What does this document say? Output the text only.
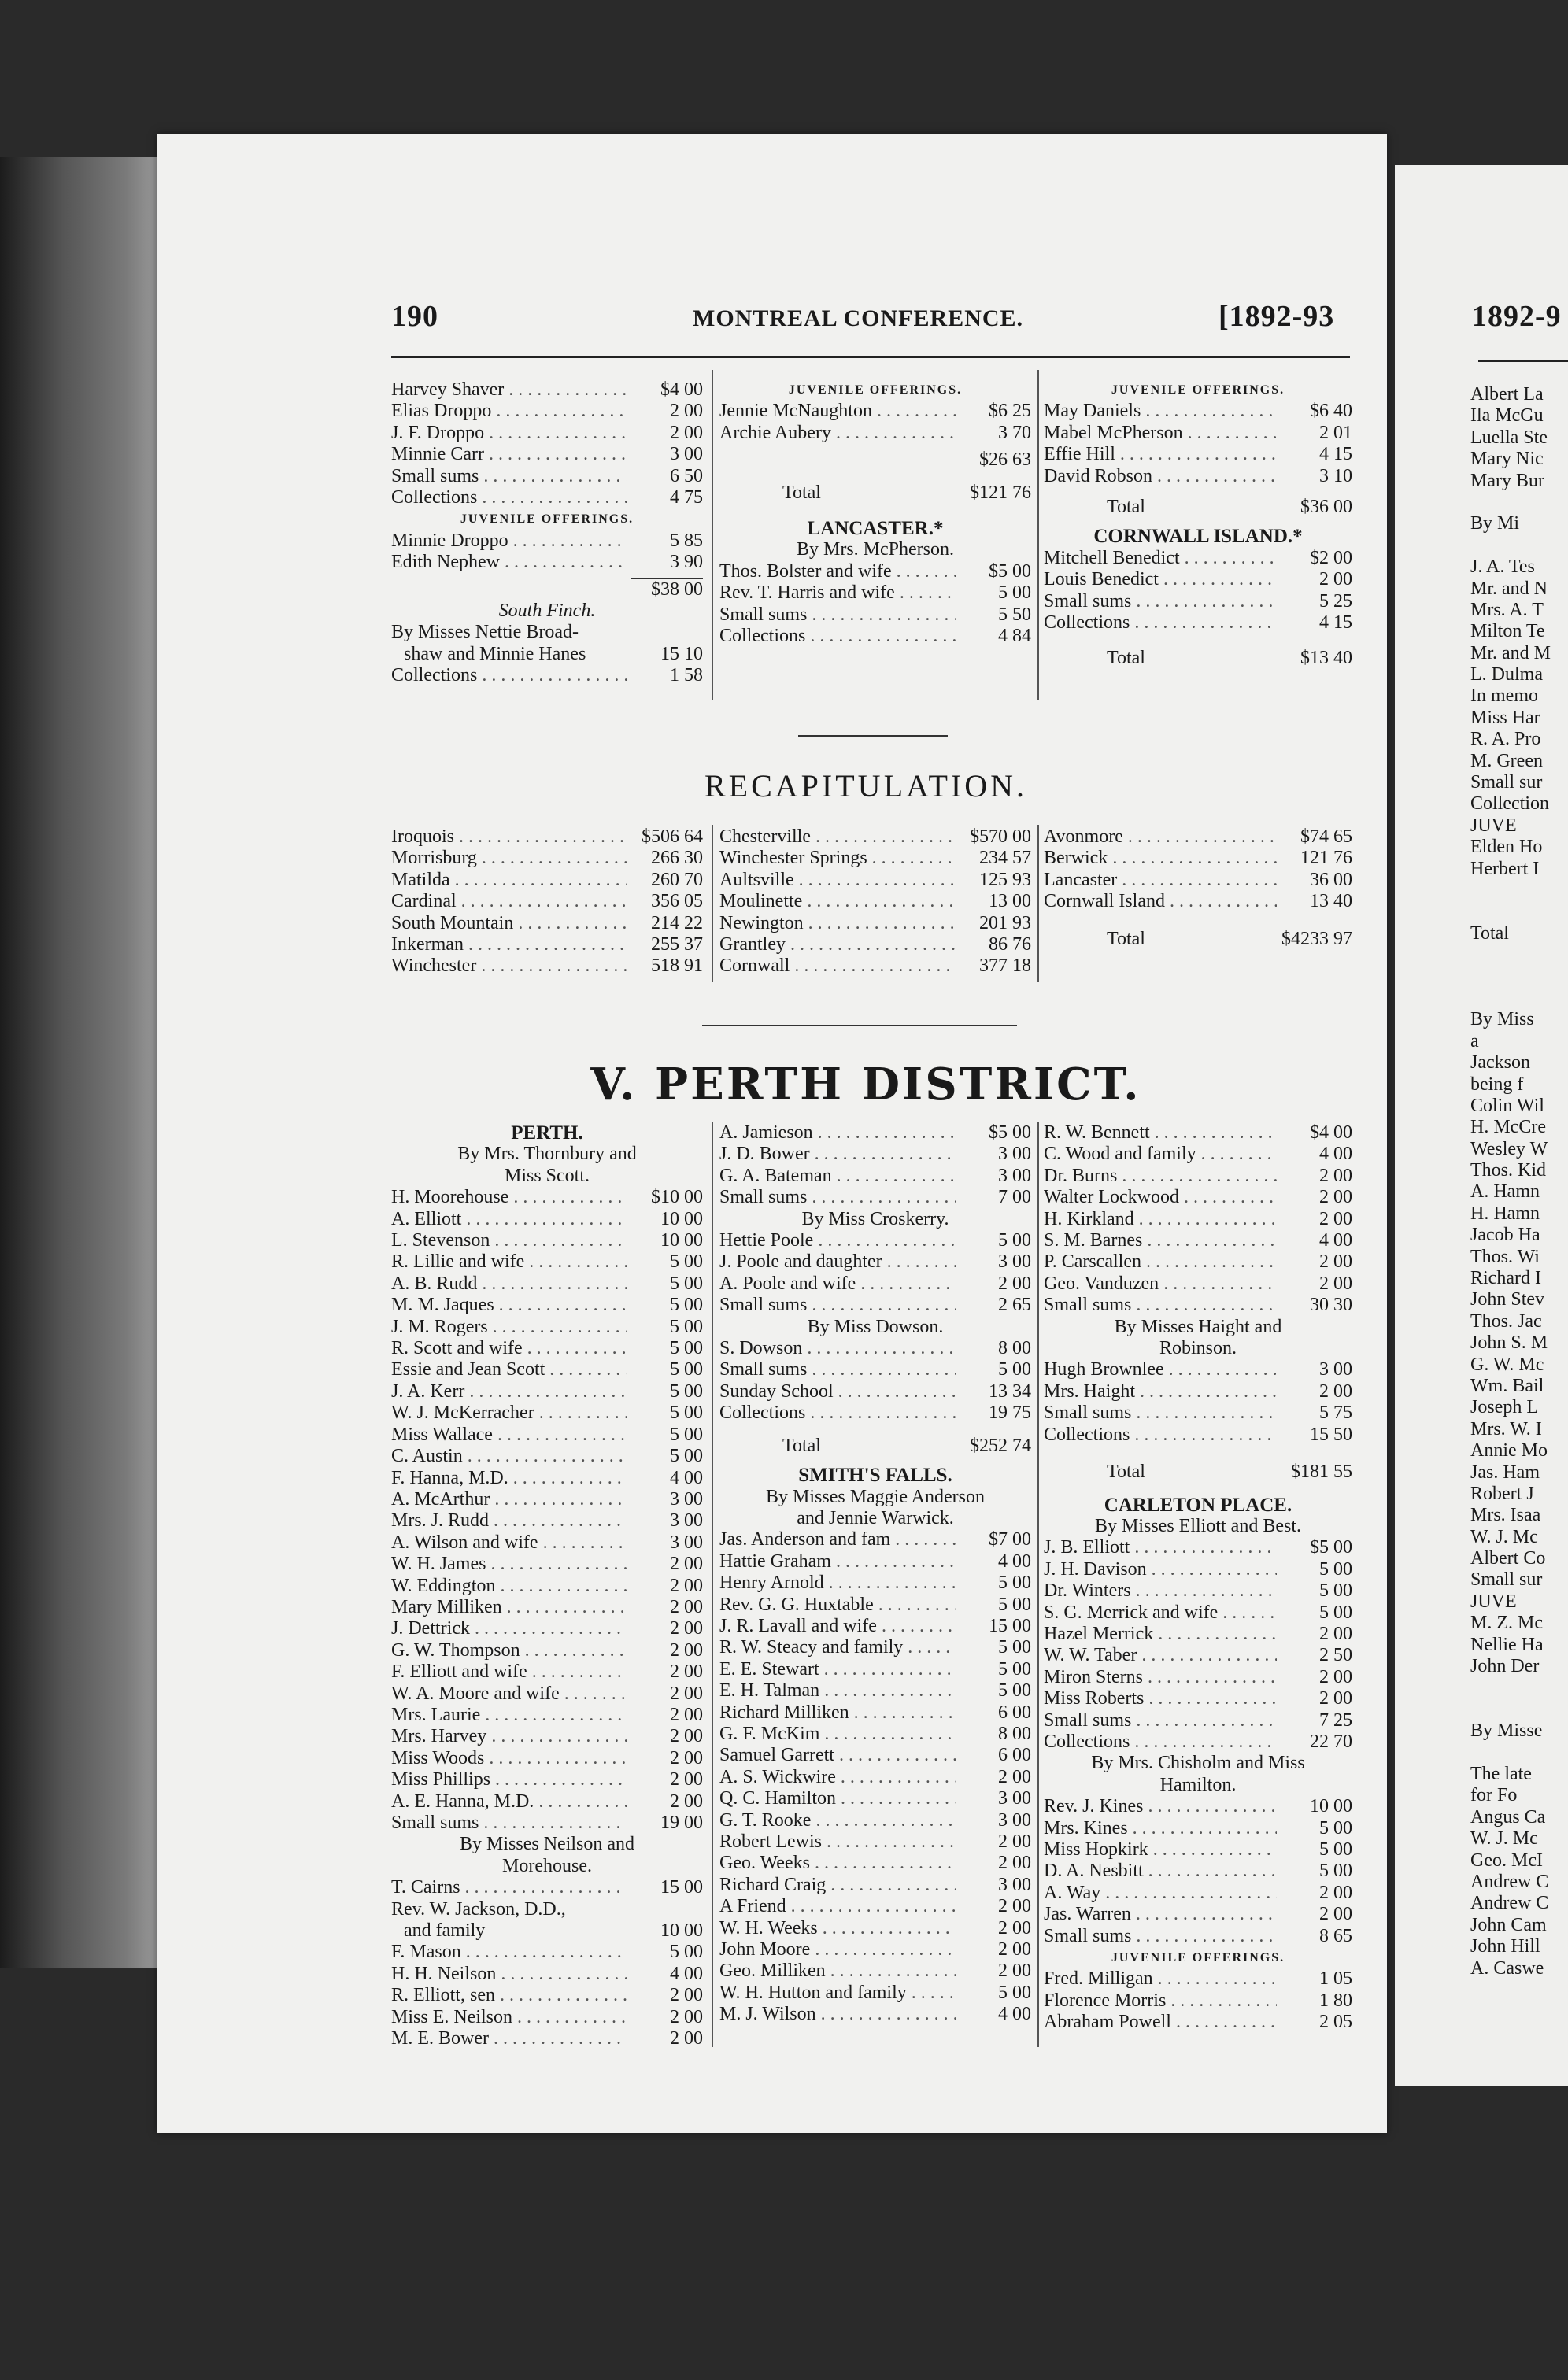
190	MONTREAL CONFERENCE.	[1892-93	1892-9
Harvey Shaver . . .	$4 00
Elias Droppo . . .	2 00
J. F. Droppo . . .	2 00
Minnie Carr . . .	3 00
Small sums . . .	6 50
Collections . . .	4 75
JUVENILE OFFERINGS.
Minnie Droppo . . .	5 85
Edith Nephew . . .	3 90
$38 00
South Finch.
By Misses Nettie Broad-
shaw and Minnie Hanes	15 10
Collections . . .	1 58
JUVENILE OFFERINGS.
Jennie McNaughton . . .	$6 25
Archie Aubery . . .	3 70
$26 63
Total	$121 76
LANCASTER.*
By Mrs. McPherson.
Thos. Bolster and wife . . .	$5 00
Rev. T. Harris and wife . . .	5 00
Small sums . . .	5 50
Collections . . .	4 84
JUVENILE OFFERINGS.
May Daniels . . .	$6 40
Mabel McPherson . . .	2 01
Effie Hill . . .	4 15
David Robson . . .	3 10
Total	$36 00
CORNWALL ISLAND.*
Mitchell Benedict . . .	$2 00
Louis Benedict . . .	2 00
Small sums . . .	5 25
Collections . . .	4 15
Total	$13 40
RECAPITULATION.
Iroquois . . .	$506 64
Morrisburg . . .	266 30
Matilda . . .	260 70
Cardinal . . .	356 05
South Mountain . . .	214 22
Inkerman . . .	255 37
Winchester . . .	518 91
Chesterville . . .	$570 00
Winchester Springs . . .	234 57
Aultsville . . .	125 93
Moulinette . . .	13 00
Newington . . .	201 93
Grantley . . .	86 76
Cornwall . . .	377 18
Avonmore . . .	$74 65
Berwick . . .	121 76
Lancaster . . .	36 00
Cornwall Island . . .	13 40
Total	$4233 97
V. PERTH DISTRICT.
PERTH.
By Mrs. Thornbury and
Miss Scott.
H. Moorehouse . . .	$10 00
A. Elliott . . .	10 00
L. Stevenson . . .	10 00
R. Lillie and wife . . .	5 00
A. B. Rudd . . .	5 00
M. M. Jaques . . .	5 00
J. M. Rogers . . .	5 00
R. Scott and wife . . .	5 00
Essie and Jean Scott . . .	5 00
J. A. Kerr . . .	5 00
W. J. McKerracher . . .	5 00
Miss Wallace . . .	5 00
C. Austin . . .	5 00
F. Hanna, M.D. . . .	4 00
A. McArthur . . .	3 00
Mrs. J. Rudd . . .	3 00
A. Wilson and wife . . .	3 00
W. H. James . . .	2 00
W. Eddington . . .	2 00
Mary Milliken . . .	2 00
J. Dettrick . . .	2 00
G. W. Thompson . . .	2 00
F. Elliott and wife . . .	2 00
W. A. Moore and wife . . .	2 00
Mrs. Laurie . . .	2 00
Mrs. Harvey . . .	2 00
Miss Woods . . .	2 00
Miss Phillips . . .	2 00
A. E. Hanna, M.D. . . .	2 00
Small sums . . .	19 00
By Misses Neilson and
Morehouse.
T. Cairns . . .	15 00
Rev. W. Jackson, D.D.,
and family	10 00
F. Mason . . .	5 00
H. H. Neilson . . .	4 00
R. Elliott, sen . . .	2 00
Miss E. Neilson . . .	2 00
M. E. Bower . . .	2 00
A. Jamieson . . .	$5 00
J. D. Bower . . .	3 00
G. A. Bateman . . .	3 00
Small sums . . .	7 00
By Miss Croskerry.
Hettie Poole . . .	5 00
J. Poole and daughter . . .	3 00
A. Poole and wife . . .	2 00
Small sums . . .	2 65
By Miss Dowson.
S. Dowson . . .	8 00
Small sums . . .	5 00
Sunday School . . .	13 34
Collections . . .	19 75
Total	$252 74
SMITH'S FALLS.
By Misses Maggie Anderson
and Jennie Warwick.
Jas. Anderson and fam . . .	$7 00
Hattie Graham . . .	4 00
Henry Arnold . . .	5 00
Rev. G. G. Huxtable . . .	5 00
J. R. Lavall and wife . . .	15 00
R. W. Steacy and family . . .	5 00
E. E. Stewart . . .	5 00
E. H. Talman . . .	5 00
Richard Milliken . . .	6 00
G. F. McKim . . .	8 00
Samuel Garrett . . .	6 00
A. S. Wickwire . . .	2 00
Q. C. Hamilton . . .	3 00
G. T. Rooke . . .	3 00
Robert Lewis . . .	2 00
Geo. Weeks . . .	2 00
Richard Craig . . .	3 00
A Friend . . .	2 00
W. H. Weeks . . .	2 00
John Moore . . .	2 00
Geo. Milliken . . .	2 00
W. H. Hutton and family . . .	5 00
M. J. Wilson . . .	4 00
R. W. Bennett . . .	$4 00
C. Wood and family . . .	4 00
Dr. Burns . . .	2 00
Walter Lockwood . . .	2 00
H. Kirkland . . .	2 00
S. M. Barnes . . .	4 00
P. Carscallen . . .	2 00
Geo. Vanduzen . . .	2 00
Small sums . . .	30 30
By Misses Haight and
Robinson.
Hugh Brownlee . . .	3 00
Mrs. Haight . . .	2 00
Small sums . . .	5 75
Collections . . .	15 50
Total	$181 55
CARLETON PLACE.
By Misses Elliott and Best.
J. B. Elliott . . .	$5 00
J. H. Davison . . .	5 00
Dr. Winters . . .	5 00
S. G. Merrick and wife . . .	5 00
Hazel Merrick . . .	2 00
W. W. Taber . . .	2 50
Miron Sterns . . .	2 00
Miss Roberts . . .	2 00
Small sums . . .	7 25
Collections . . .	22 70
By Mrs. Chisholm and Miss
Hamilton.
Rev. J. Kines . . .	10 00
Mrs. Kines . . .	5 00
Miss Hopkirk . . .	5 00
D. A. Nesbitt . . .	5 00
A. Way . . .	2 00
Jas. Warren . . .	2 00
Small sums . . .	8 65
JUVENILE OFFERINGS.
Fred. Milligan . . .	1 05
Florence Morris . . .	1 80
Abraham Powell . . .	2 05
Albert La
Ila McGu
Luella Ste
Mary Nic
Mary Bur
By Mi
J. A. Tes
Mr. and N
Mrs. A. T
Milton Te
Mr. and M
L. Dulma
In memo
Miss Har
R. A. Pro
M. Green
Small sur
Collection
JUVE
Elden Ho
Herbert I
Total
By Miss
a
Jackson
being f
Colin Wil
H. McCre
Wesley W
Thos. Kid
A. Hamn
H. Hamn
Jacob Ha
Thos. Wi
Richard I
John Stev
Thos. Jac
John S. M
G. W. Mc
Wm. Bail
Joseph L
Mrs. W. I
Annie Mo
Jas. Ham
Robert J
Mrs. Isaa
W. J. Mc
Albert Co
Small sur
JUVE
M. Z. Mc
Nellie Ha
John Der
By Misse
The late
for Fo
Angus Ca
W. J. Mc
Geo. McI
Andrew C
Andrew C
John Cam
John Hill
A. Caswe
